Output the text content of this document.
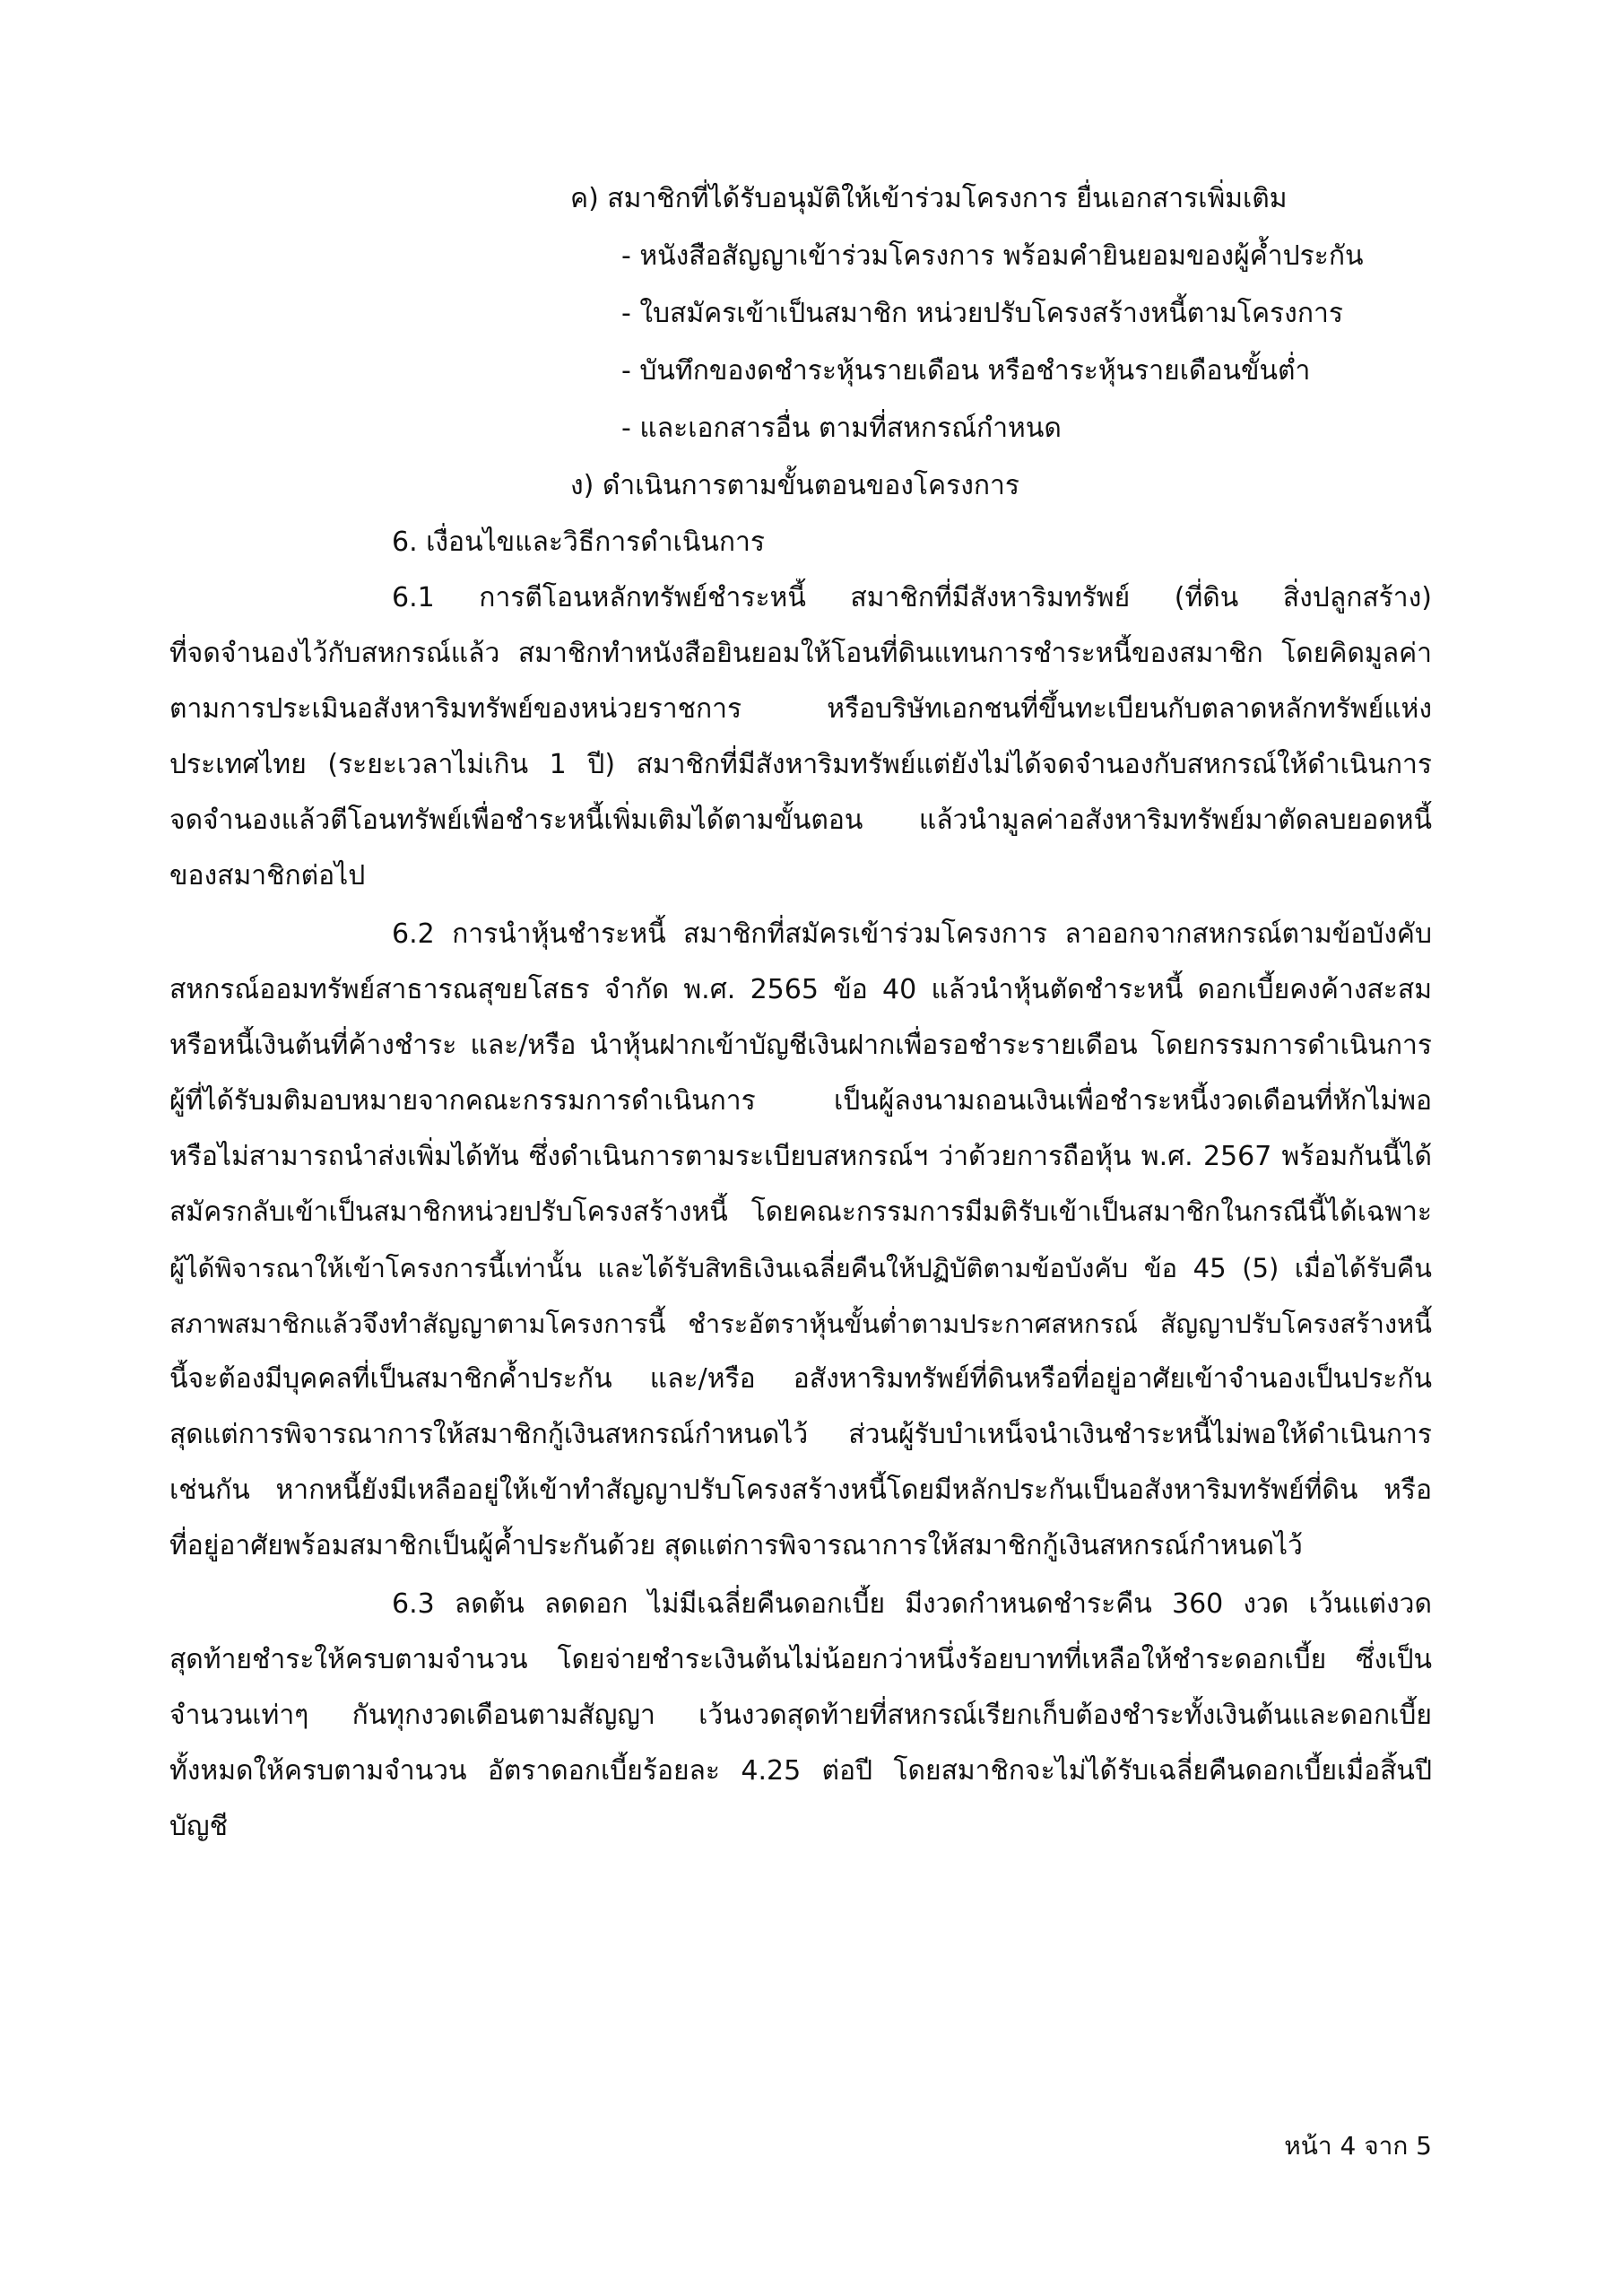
ค) สมาชิกที่ได้รับอนุมัติให้เข้าร่วมโครงการ ยื่นเอกสารเพิ่มเติม
- หนังสือสัญญาเข้าร่วมโครงการ พร้อมคำยินยอมของผู้ค้ำประกัน
- ใบสมัครเข้าเป็นสมาชิก หน่วยปรับโครงสร้างหนี้ตามโครงการ
- บันทึกของดชำระหุ้นรายเดือน หรือชำระหุ้นรายเดือนขั้นต่ำ
- และเอกสารอื่น ตามที่สหกรณ์กำหนด
ง) ดำเนินการตามขั้นตอนของโครงการ
6. เงื่อนไขและวิธีการดำเนินการ
6.1 การตีโอนหลักทรัพย์ชำระหนี้ สมาชิกที่มีสังหาริมทรัพย์ (ที่ดิน สิ่งปลูกสร้าง)
ที่จดจำนองไว้กับสหกรณ์แล้ว สมาชิกทำหนังสือยินยอมให้โอนที่ดินแทนการชำระหนี้ของสมาชิก โดยคิดมูลค่า
ตามการประเมินอสังหาริมทรัพย์ของหน่วยราชการ หรือบริษัทเอกชนที่ขึ้นทะเบียนกับตลาดหลักทรัพย์แห่ง
ประเทศไทย (ระยะเวลาไม่เกิน 1 ปี) สมาชิกที่มีสังหาริมทรัพย์แต่ยังไม่ได้จดจำนองกับสหกรณ์ให้ดำเนินการ
จดจำนองแล้วตีโอนทรัพย์เพื่อชำระหนี้เพิ่มเติมได้ตามขั้นตอน แล้วนำมูลค่าอสังหาริมทรัพย์มาตัดลบยอดหนี้
ของสมาชิกต่อไป
6.2 การนำหุ้นชำระหนี้ สมาชิกที่สมัครเข้าร่วมโครงการ ลาออกจากสหกรณ์ตามข้อบังคับ
สหกรณ์ออมทรัพย์สาธารณสุขยโสธร จำกัด พ.ศ. 2565 ข้อ 40 แล้วนำหุ้นตัดชำระหนี้ ดอกเบี้ยคงค้างสะสม
หรือหนี้เงินต้นที่ค้างชำระ และ/หรือ นำหุ้นฝากเข้าบัญชีเงินฝากเพื่อรอชำระรายเดือน โดยกรรมการดำเนินการ
ผู้ที่ได้รับมติมอบหมายจากคณะกรรมการดำเนินการ เป็นผู้ลงนามถอนเงินเพื่อชำระหนี้งวดเดือนที่หักไม่พอ
หรือไม่สามารถนำส่งเพิ่มได้ทัน ซึ่งดำเนินการตามระเบียบสหกรณ์ฯ ว่าด้วยการถือหุ้น พ.ศ. 2567 พร้อมกันนี้ได้
สมัครกลับเข้าเป็นสมาชิกหน่วยปรับโครงสร้างหนี้ โดยคณะกรรมการมีมติรับเข้าเป็นสมาชิกในกรณีนี้ได้เฉพาะ
ผู้ได้พิจารณาให้เข้าโครงการนี้เท่านั้น และได้รับสิทธิเงินเฉลี่ยคืนให้ปฏิบัติตามข้อบังคับ ข้อ 45 (5) เมื่อได้รับคืน
สภาพสมาชิกแล้วจึงทำสัญญาตามโครงการนี้ ชำระอัตราหุ้นขั้นต่ำตามประกาศสหกรณ์ สัญญาปรับโครงสร้างหนี้
นี้จะต้องมีบุคคลที่เป็นสมาชิกค้ำประกัน และ/หรือ อสังหาริมทรัพย์ที่ดินหรือที่อยู่อาศัยเข้าจำนองเป็นประกัน
สุดแต่การพิจารณาการให้สมาชิกกู้เงินสหกรณ์กำหนดไว้ ส่วนผู้รับบำเหน็จนำเงินชำระหนี้ไม่พอให้ดำเนินการ
เช่นกัน หากหนี้ยังมีเหลืออยู่ให้เข้าทำสัญญาปรับโครงสร้างหนี้โดยมีหลักประกันเป็นอสังหาริมทรัพย์ที่ดิน หรือ
ที่อยู่อาศัยพร้อมสมาชิกเป็นผู้ค้ำประกันด้วย สุดแต่การพิจารณาการให้สมาชิกกู้เงินสหกรณ์กำหนดไว้
6.3 ลดต้น ลดดอก ไม่มีเฉลี่ยคืนดอกเบี้ย มีงวดกำหนดชำระคืน 360 งวด เว้นแต่งวด
สุดท้ายชำระให้ครบตามจำนวน โดยจ่ายชำระเงินต้นไม่น้อยกว่าหนึ่งร้อยบาทที่เหลือให้ชำระดอกเบี้ย ซึ่งเป็น
จำนวนเท่าๆ กันทุกงวดเดือนตามสัญญา เว้นงวดสุดท้ายที่สหกรณ์เรียกเก็บต้องชำระทั้งเงินต้นและดอกเบี้ย
ทั้งหมดให้ครบตามจำนวน อัตราดอกเบี้ยร้อยละ 4.25 ต่อปี โดยสมาชิกจะไม่ได้รับเฉลี่ยคืนดอกเบี้ยเมื่อสิ้นปี
บัญชี
หน้า 4 จาก 5
